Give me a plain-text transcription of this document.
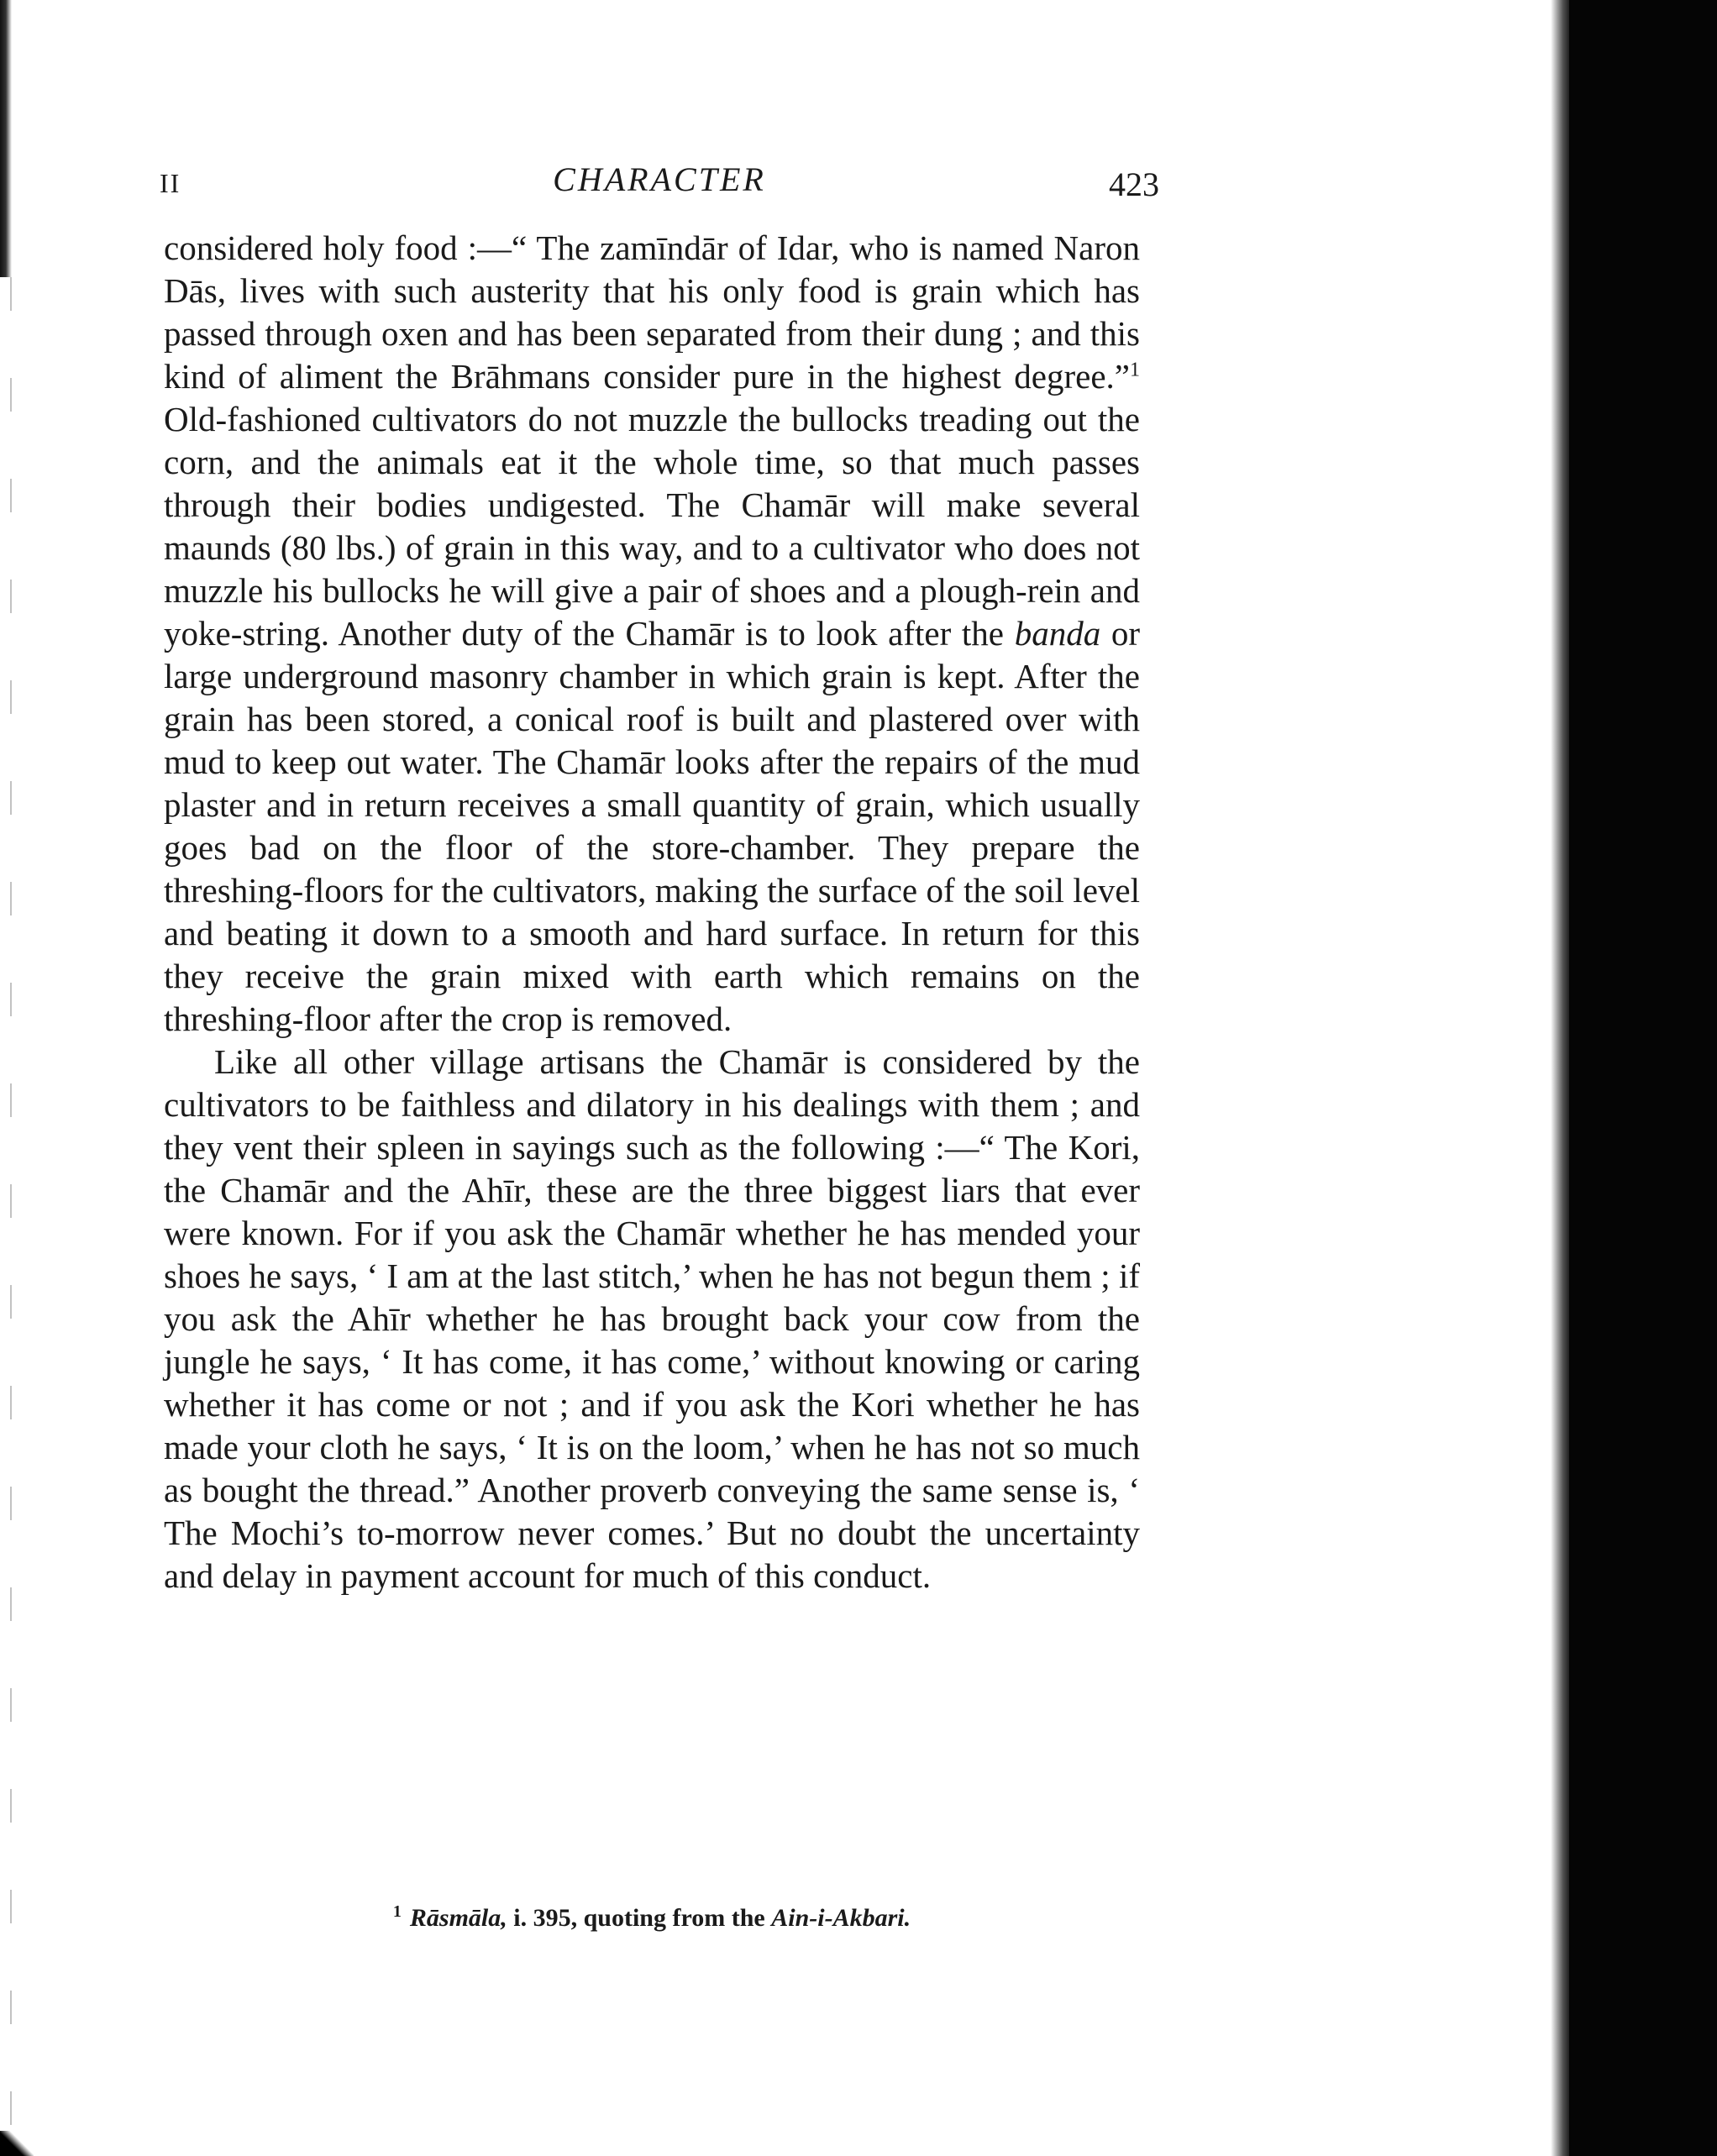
II	CHARACTER	423

considered holy food :—“ The zamīndār of Idar, who is named Naron Dās, lives with such austerity that his only food is grain which has passed through oxen and has been separated from their dung ; and this kind of aliment the Brāhmans consider pure in the highest degree.”$^1$ Old-fashioned cultivators do not muzzle the bullocks treading out the corn, and the animals eat it the whole time, so that much passes through their bodies undigested. The Chamār will make several maunds (80 lbs.) of grain in this way, and to a cultivator who does not muzzle his bullocks he will give a pair of shoes and a plough-rein and yoke-string. Another duty of the Chamār is to look after the banda or large underground masonry chamber in which grain is kept. After the grain has been stored, a conical roof is built and plastered over with mud to keep out water. The Chamār looks after the repairs of the mud plaster and in return receives a small quantity of grain, which usually goes bad on the floor of the store-chamber. They prepare the threshing-floors for the cultivators, making the surface of the soil level and beating it down to a smooth and hard surface. In return for this they receive the grain mixed with earth which remains on the threshing-floor after the crop is removed.

Like all other village artisans the Chamār is considered by the cultivators to be faithless and dilatory in his dealings with them ; and they vent their spleen in sayings such as the following :—“ The Kori, the Chamār and the Ahīr, these are the three biggest liars that ever were known. For if you ask the Chamār whether he has mended your shoes he says, ‘ I am at the last stitch,’ when he has not begun them ; if you ask the Ahīr whether he has brought back your cow from the jungle he says, ‘ It has come, it has come,’ without knowing or caring whether it has come or not ; and if you ask the Kori whether he has made your cloth he says, ‘ It is on the loom,’ when he has not so much as bought the thread.” Another proverb conveying the same sense is, ‘ The Mochi’s to-morrow never comes.’ But no doubt the uncertainty and delay in payment account for much of this conduct.

$^1$ Rāsmāla, i. 395, quoting from the Ain-i-Akbari.
